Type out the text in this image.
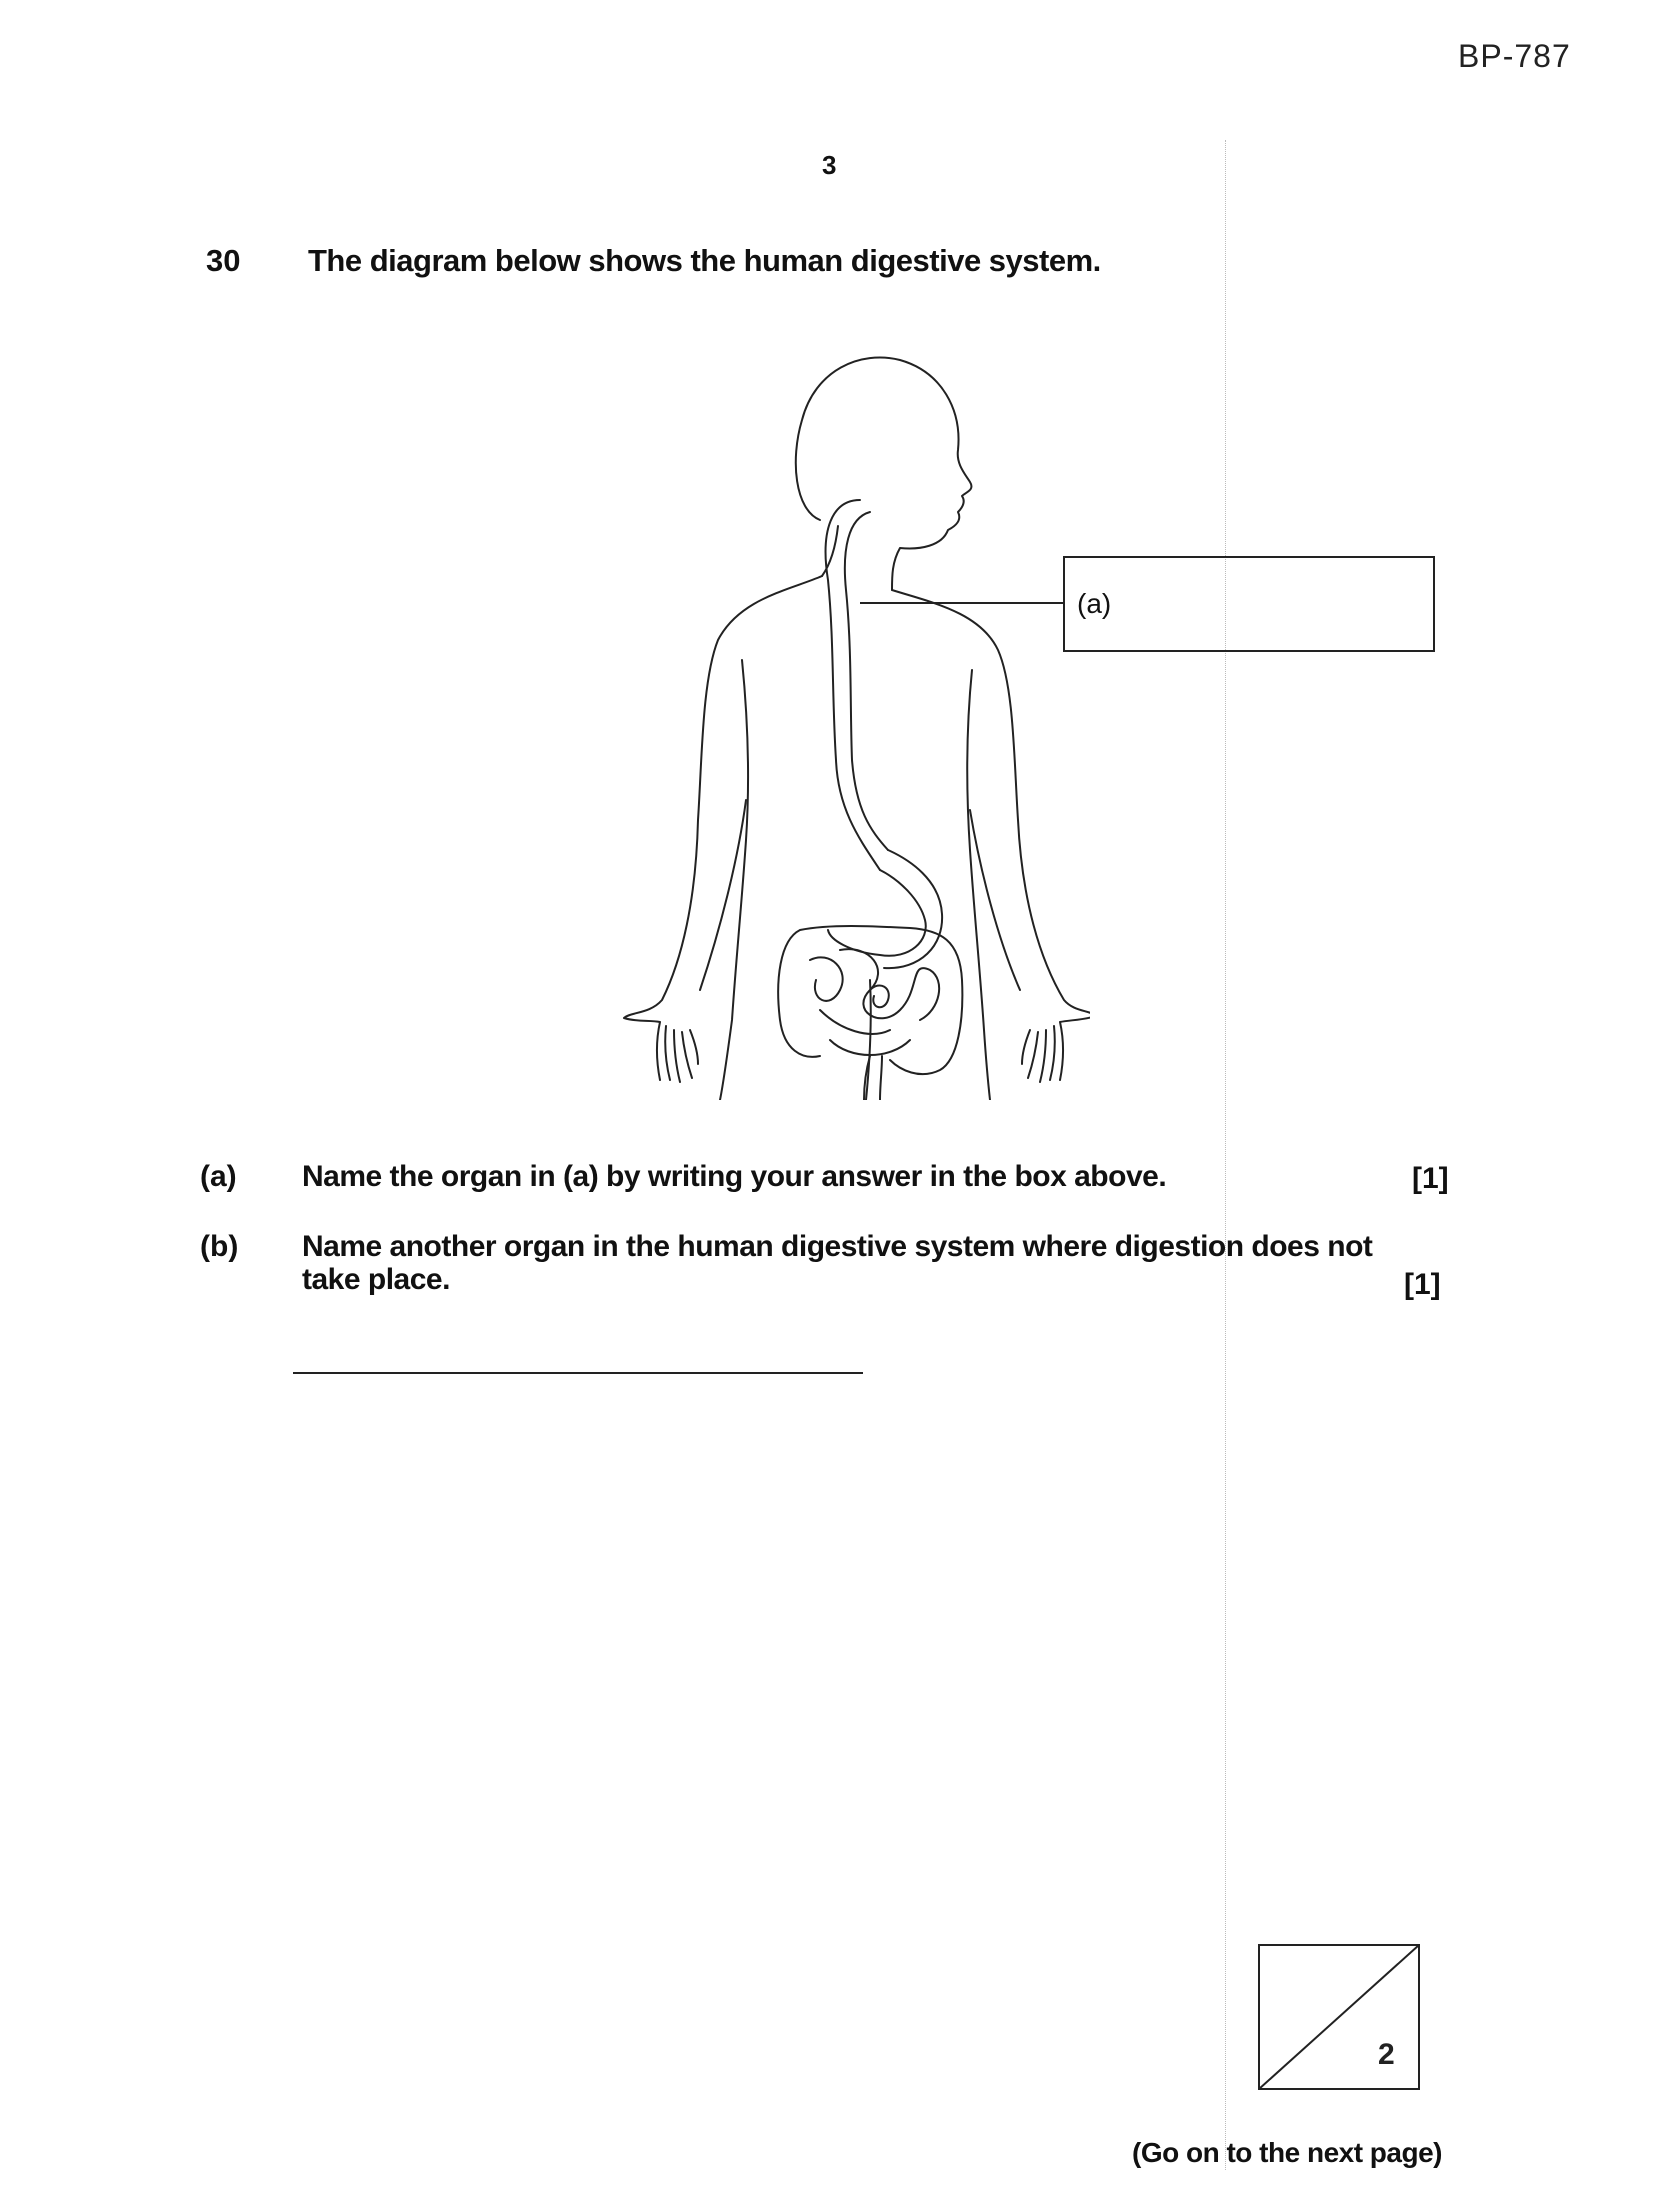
BP-787
3
30 The diagram below shows the human digestive system.
(a)
(a) Name the organ in (a) by writing your answer in the box above.	[1]
(b) Name another organ in the human digestive system where digestion does not take place.	[1]
2
(Go on to the next page)
